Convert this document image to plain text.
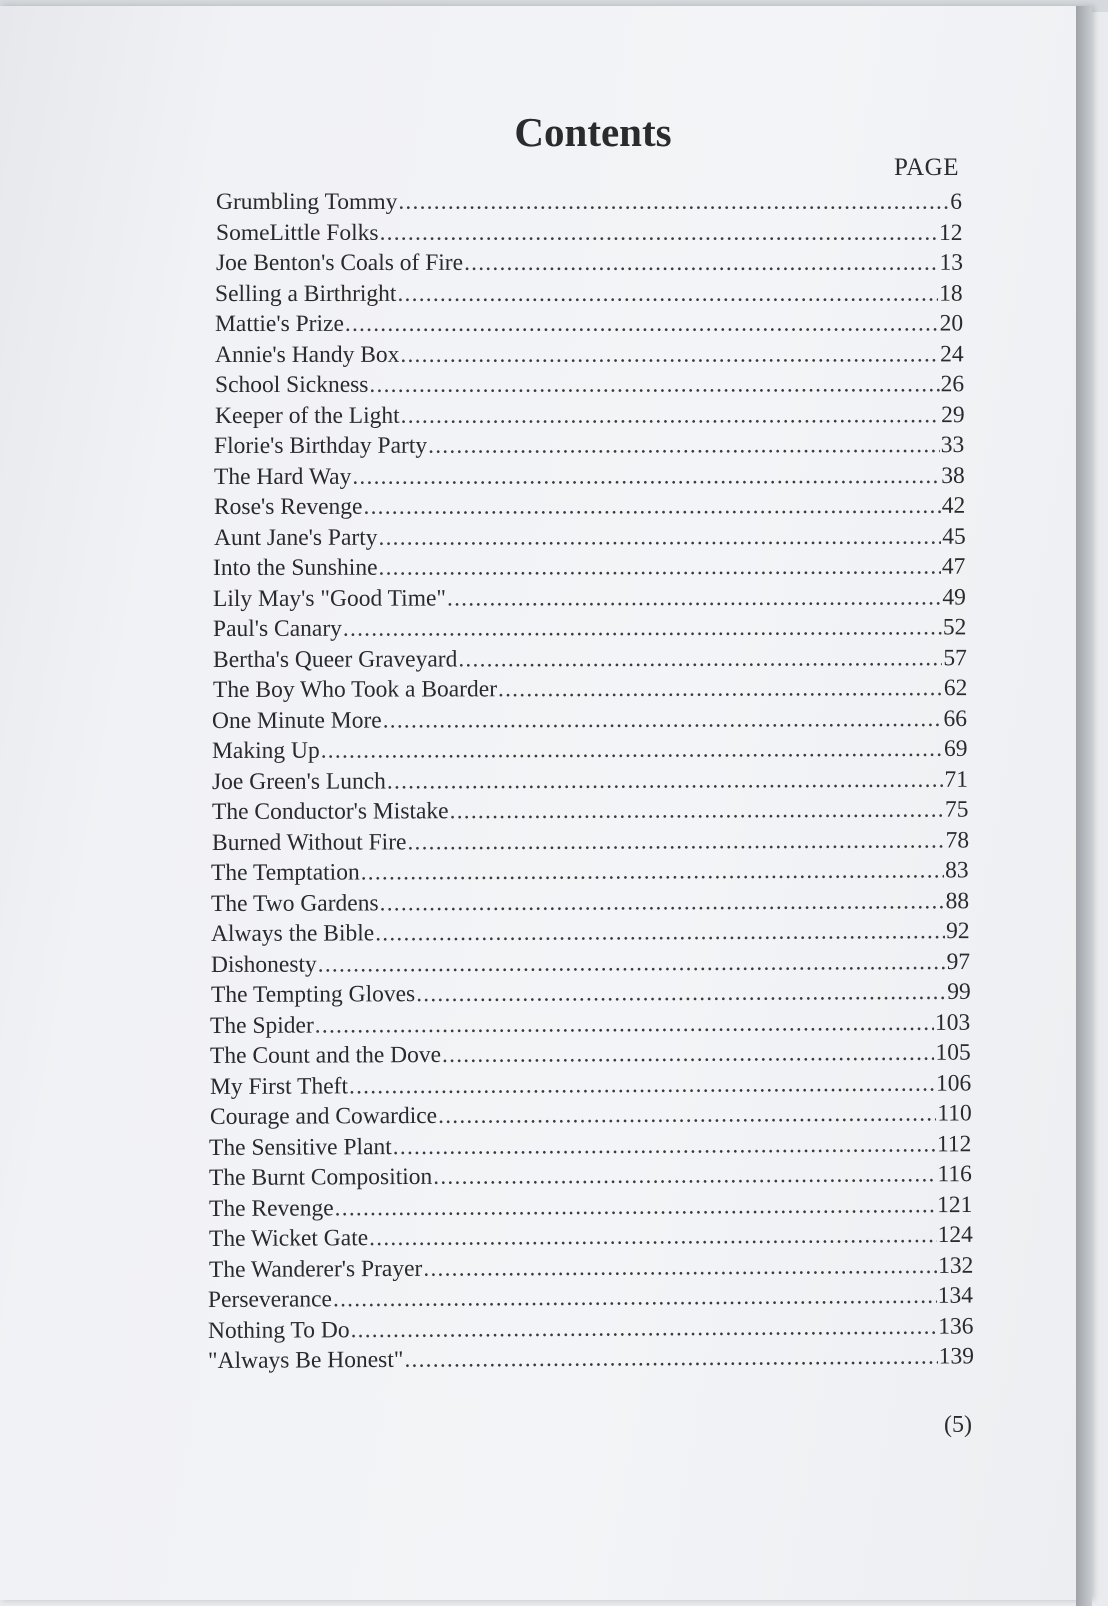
Contents
PAGE
Grumbling Tommy .....	6
SomeLittle Folks .....	12
Joe Benton's Coals of Fire .....	13
Selling a Birthright .....	18
Mattie's Prize .....	20
Annie's Handy Box .....	24
School Sickness .....	26
Keeper of the Light .....	29
Florie's Birthday Party .....	33
The Hard Way .....	38
Rose's Revenge .....	42
Aunt Jane's Party .....	45
Into the Sunshine .....	47
Lily May's "Good Time" .....	49
Paul's Canary .....	52
Bertha's Queer Graveyard .....	57
The Boy Who Took a Boarder .....	62
One Minute More .....	66
Making Up .....	69
Joe Green's Lunch .....	71
The Conductor's Mistake .....	75
Burned Without Fire .....	78
The Temptation .....	83
The Two Gardens .....	88
Always the Bible .....	92
Dishonesty .....	97
The Tempting Gloves .....	99
The Spider .....	103
The Count and the Dove .....	105
My First Theft .....	106
Courage and Cowardice .....	110
The Sensitive Plant .....	112
The Burnt Composition .....	116
The Revenge .....	121
The Wicket Gate .....	124
The Wanderer's Prayer .....	132
Perseverance .....	134
Nothing To Do .....	136
"Always Be Honest" .....	139
(5)
